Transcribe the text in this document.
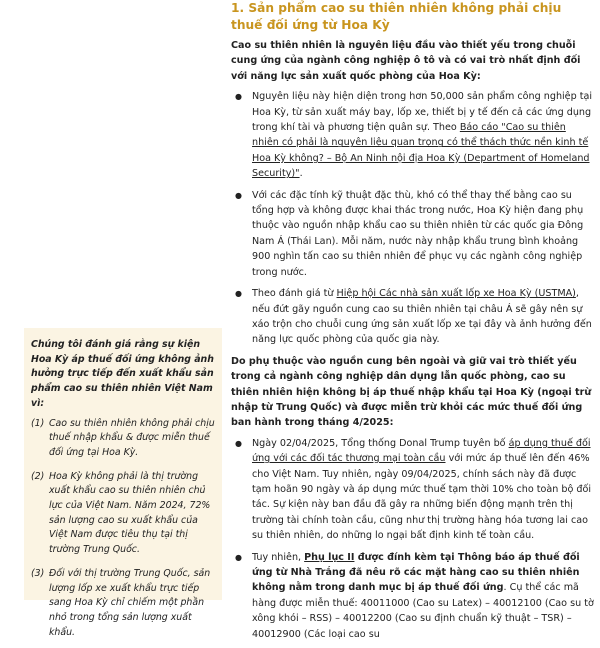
1. Sản phẩm cao su thiên nhiên không phải chịu thuế đối ứng từ Hoa Kỳ
Cao su thiên nhiên là nguyên liệu đầu vào thiết yếu trong chuỗi cung ứng của ngành công nghiệp ô tô và có vai trò nhất định đối với năng lực sản xuất quốc phòng của Hoa Kỳ:
●	Nguyên liệu này hiện diện trong hơn 50,000 sản phẩm công nghiệp tại Hoa Kỳ, từ sản xuất máy bay, lốp xe, thiết bị y tế đến cả các ứng dụng trong khí tài và phương tiện quân sự. Theo Báo cáo "Cao su thiên nhiên có phải là nguyên liệu quan trọng có thể thách thức nền kinh tế Hoa Kỳ không? – Bộ An Ninh nội địa Hoa Kỳ (Department of Homeland Security)".
●	Với các đặc tính kỹ thuật đặc thù, khó có thể thay thế bằng cao su tổng hợp và không được khai thác trong nước, Hoa Kỳ hiện đang phụ thuộc vào nguồn nhập khẩu cao su thiên nhiên từ các quốc gia Đông Nam Á (Thái Lan). Mỗi năm, nước này nhập khẩu trung bình khoảng 900 nghìn tấn cao su thiên nhiên để phục vụ các ngành công nghiệp trong nước.
●	Theo đánh giá từ Hiệp hội Các nhà sản xuất lốp xe Hoa Kỳ (USTMA), nếu đứt gãy nguồn cung cao su thiên nhiên tại châu Á sẽ gây nên sự xáo trộn cho chuỗi cung ứng sản xuất lốp xe tại đây và ảnh hưởng đến năng lực quốc phòng của quốc gia này.
Do phụ thuộc vào nguồn cung bên ngoài và giữ vai trò thiết yếu trong cả ngành công nghiệp dân dụng lẫn quốc phòng, cao su thiên nhiên hiện không bị áp thuế nhập khẩu tại Hoa Kỳ (ngoại trừ nhập từ Trung Quốc) và được miễn trừ khỏi các mức thuế đối ứng ban hành trong tháng 4/2025:
●	Ngày 02/04/2025, Tổng thống Donal Trump tuyên bố áp dụng thuế đối ứng với các đối tác thương mại toàn cầu với mức áp thuế lên đến 46% cho Việt Nam. Tuy nhiên, ngày 09/04/2025, chính sách này đã được tạm hoãn 90 ngày và áp dụng mức thuế tạm thời 10% cho toàn bộ đối tác. Sự kiện này ban đầu đã gây ra những biến động mạnh trên thị trường tài chính toàn cầu, cũng như thị trường hàng hóa tương lai cao su thiên nhiên, do những lo ngại bất định kinh tế toàn cầu.
●	Tuy nhiên, Phụ lục II được đính kèm tại Thông báo áp thuế đối ứng từ Nhà Trắng đã nêu rõ các mặt hàng cao su thiên nhiên không nằm trong danh mục bị áp thuế đối ứng. Cụ thể các mã hàng được miễn thuế: 40011000 (Cao su Latex) – 40012100 (Cao su tờ xông khói – RSS) – 40012200 (Cao su định chuẩn kỹ thuật – TSR) – 40012900 (Các loại cao su
Chúng tôi đánh giá rằng sự kiện Hoa Kỳ áp thuế đối ứng không ảnh hưởng trực tiếp đến xuất khẩu sản phẩm cao su thiên nhiên Việt Nam vì:
(1) Cao su thiên nhiên không phải chịu thuế nhập khẩu & được miễn thuế đối ứng tại Hoa Kỳ.
(2) Hoa Kỳ không phải là thị trường xuất khẩu cao su thiên nhiên chủ lực của Việt Nam. Năm 2024, 72% sản lượng cao su xuất khẩu của Việt Nam được tiêu thụ tại thị trường Trung Quốc.
(3) Đối với thị trường Trung Quốc, sản lượng lốp xe xuất khẩu trực tiếp sang Hoa Kỳ chỉ chiếm một phần nhỏ trong tổng sản lượng xuất khẩu.
